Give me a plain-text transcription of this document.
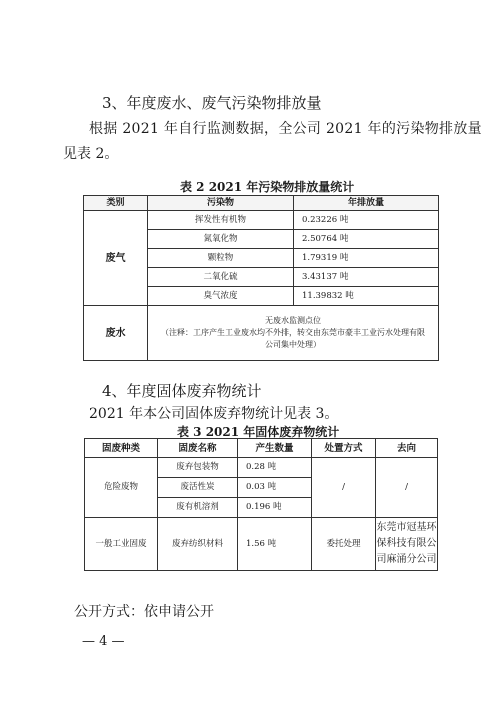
3、年度废水、废气污染物排放量
根据 2021 年自行监测数据，全公司 2021 年的污染物排放量
见表 2。
表 2 2021 年污染物排放量统计
类别	污染物	年排放量
废气	挥发性有机物	0.23226 吨
	氮氧化物	2.50764 吨
	颗粒物	1.79319 吨
	二氧化硫	3.43137 吨
	臭气浓度	11.39832 吨
废水	无废水监测点位
（注释：工序产生工业废水均不外排，转交由东莞市豪丰工业污水处理有限
公司集中处理）	
4、年度固体废弃物统计
2021 年本公司固体废弃物统计见表 3。
表 3 2021 年固体废弃物统计
固废种类	固废名称	产生数量	处置方式	去向
危险废物	废弃包装物	0.28 吨	/	/
	废活性炭	0.03 吨		
	废有机溶剂	0.196 吨		
一般工业固废	废弃纺织材料	1.56 吨	委托处理	东莞市冠基环
保科技有限公
司麻涌分公司
公开方式：依申请公开
— 4 —
